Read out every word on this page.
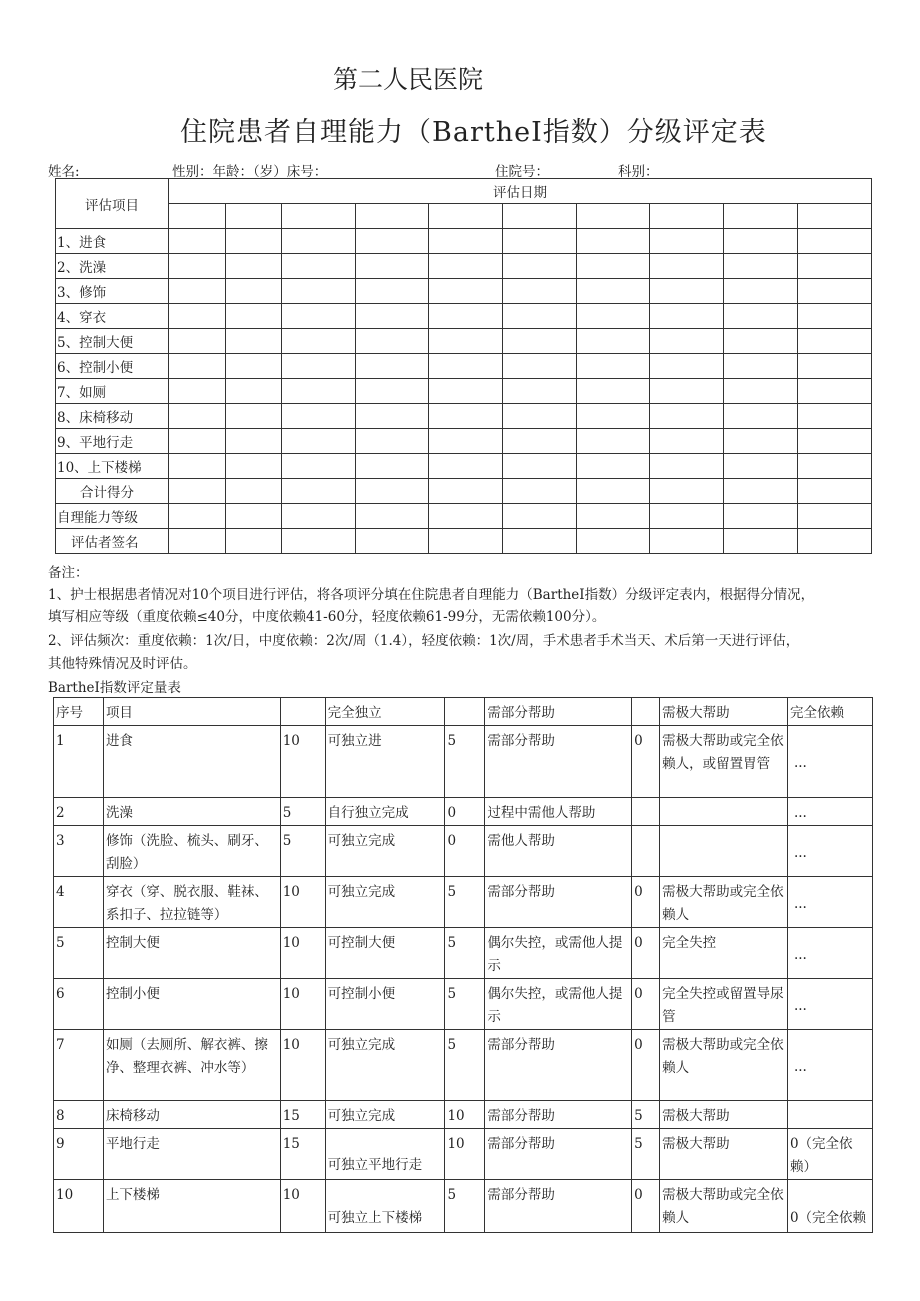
第二人民医院
住院患者自理能力（BartheI指数）分级评定表
姓名:	性别：年龄：（岁）床号：	住院号：	科别：
评估项目	评估日期									

1、进食										
2、洗澡										
3、修饰										
4、穿衣										
5、控制大便										
6、控制小便										
7、如厕										
8、床椅移动										
9、平地行走										
10、上下楼梯										
合计得分										
自理能力等级										
评估者签名										
备注：
1、护士根据患者情况对10个项目进行评估，将各项评分填在住院患者自理能力（BartheI指数）分级评定表内，根据得分情况，
填写相应等级（重度依赖≤40分，中度依赖41-60分，轻度依赖61-99分，无需依赖100分）。
2、评估频次：重度依赖：1次/日，中度依赖：2次/周（1.4），轻度依赖：1次/周，手术患者手术当天、术后第一天进行评估，
其他特殊情况及时评估。
BartheI指数评定量表
序号	项目		完全独立		需部分帮助		需极大帮助	完全依赖
1	进食	10	可独立进	5	需部分帮助	0	需极大帮助或完全依赖人，或留置胃管	...
2	洗澡	5	自行独立完成	0	过程中需他人帮助			...
3	修饰（洗脸、梳头、刷牙、刮脸）	5	可独立完成	0	需他人帮助			...
4	穿衣（穿、脱衣服、鞋袜、系扣子、拉拉链等）	10	可独立完成	5	需部分帮助	0	需极大帮助或完全依赖人	...
5	控制大便	10	可控制大便	5	偶尔失控，或需他人提示	0	完全失控	...
6	控制小便	10	可控制小便	5	偶尔失控，或需他人提示	0	完全失控或留置导尿管	...
7	如厕（去厕所、解衣裤、擦净、整理衣裤、冲水等）	10	可独立完成	5	需部分帮助	0	需极大帮助或完全依赖人	...
8	床椅移动	15	可独立完成	10	需部分帮助	5	需极大帮助	
9	平地行走	15	可独立平地行走	10	需部分帮助	5	需极大帮助	0（完全依赖）
10	上下楼梯	10	可独立上下楼梯	5	需部分帮助	0	需极大帮助或完全依赖人	0（完全依赖
